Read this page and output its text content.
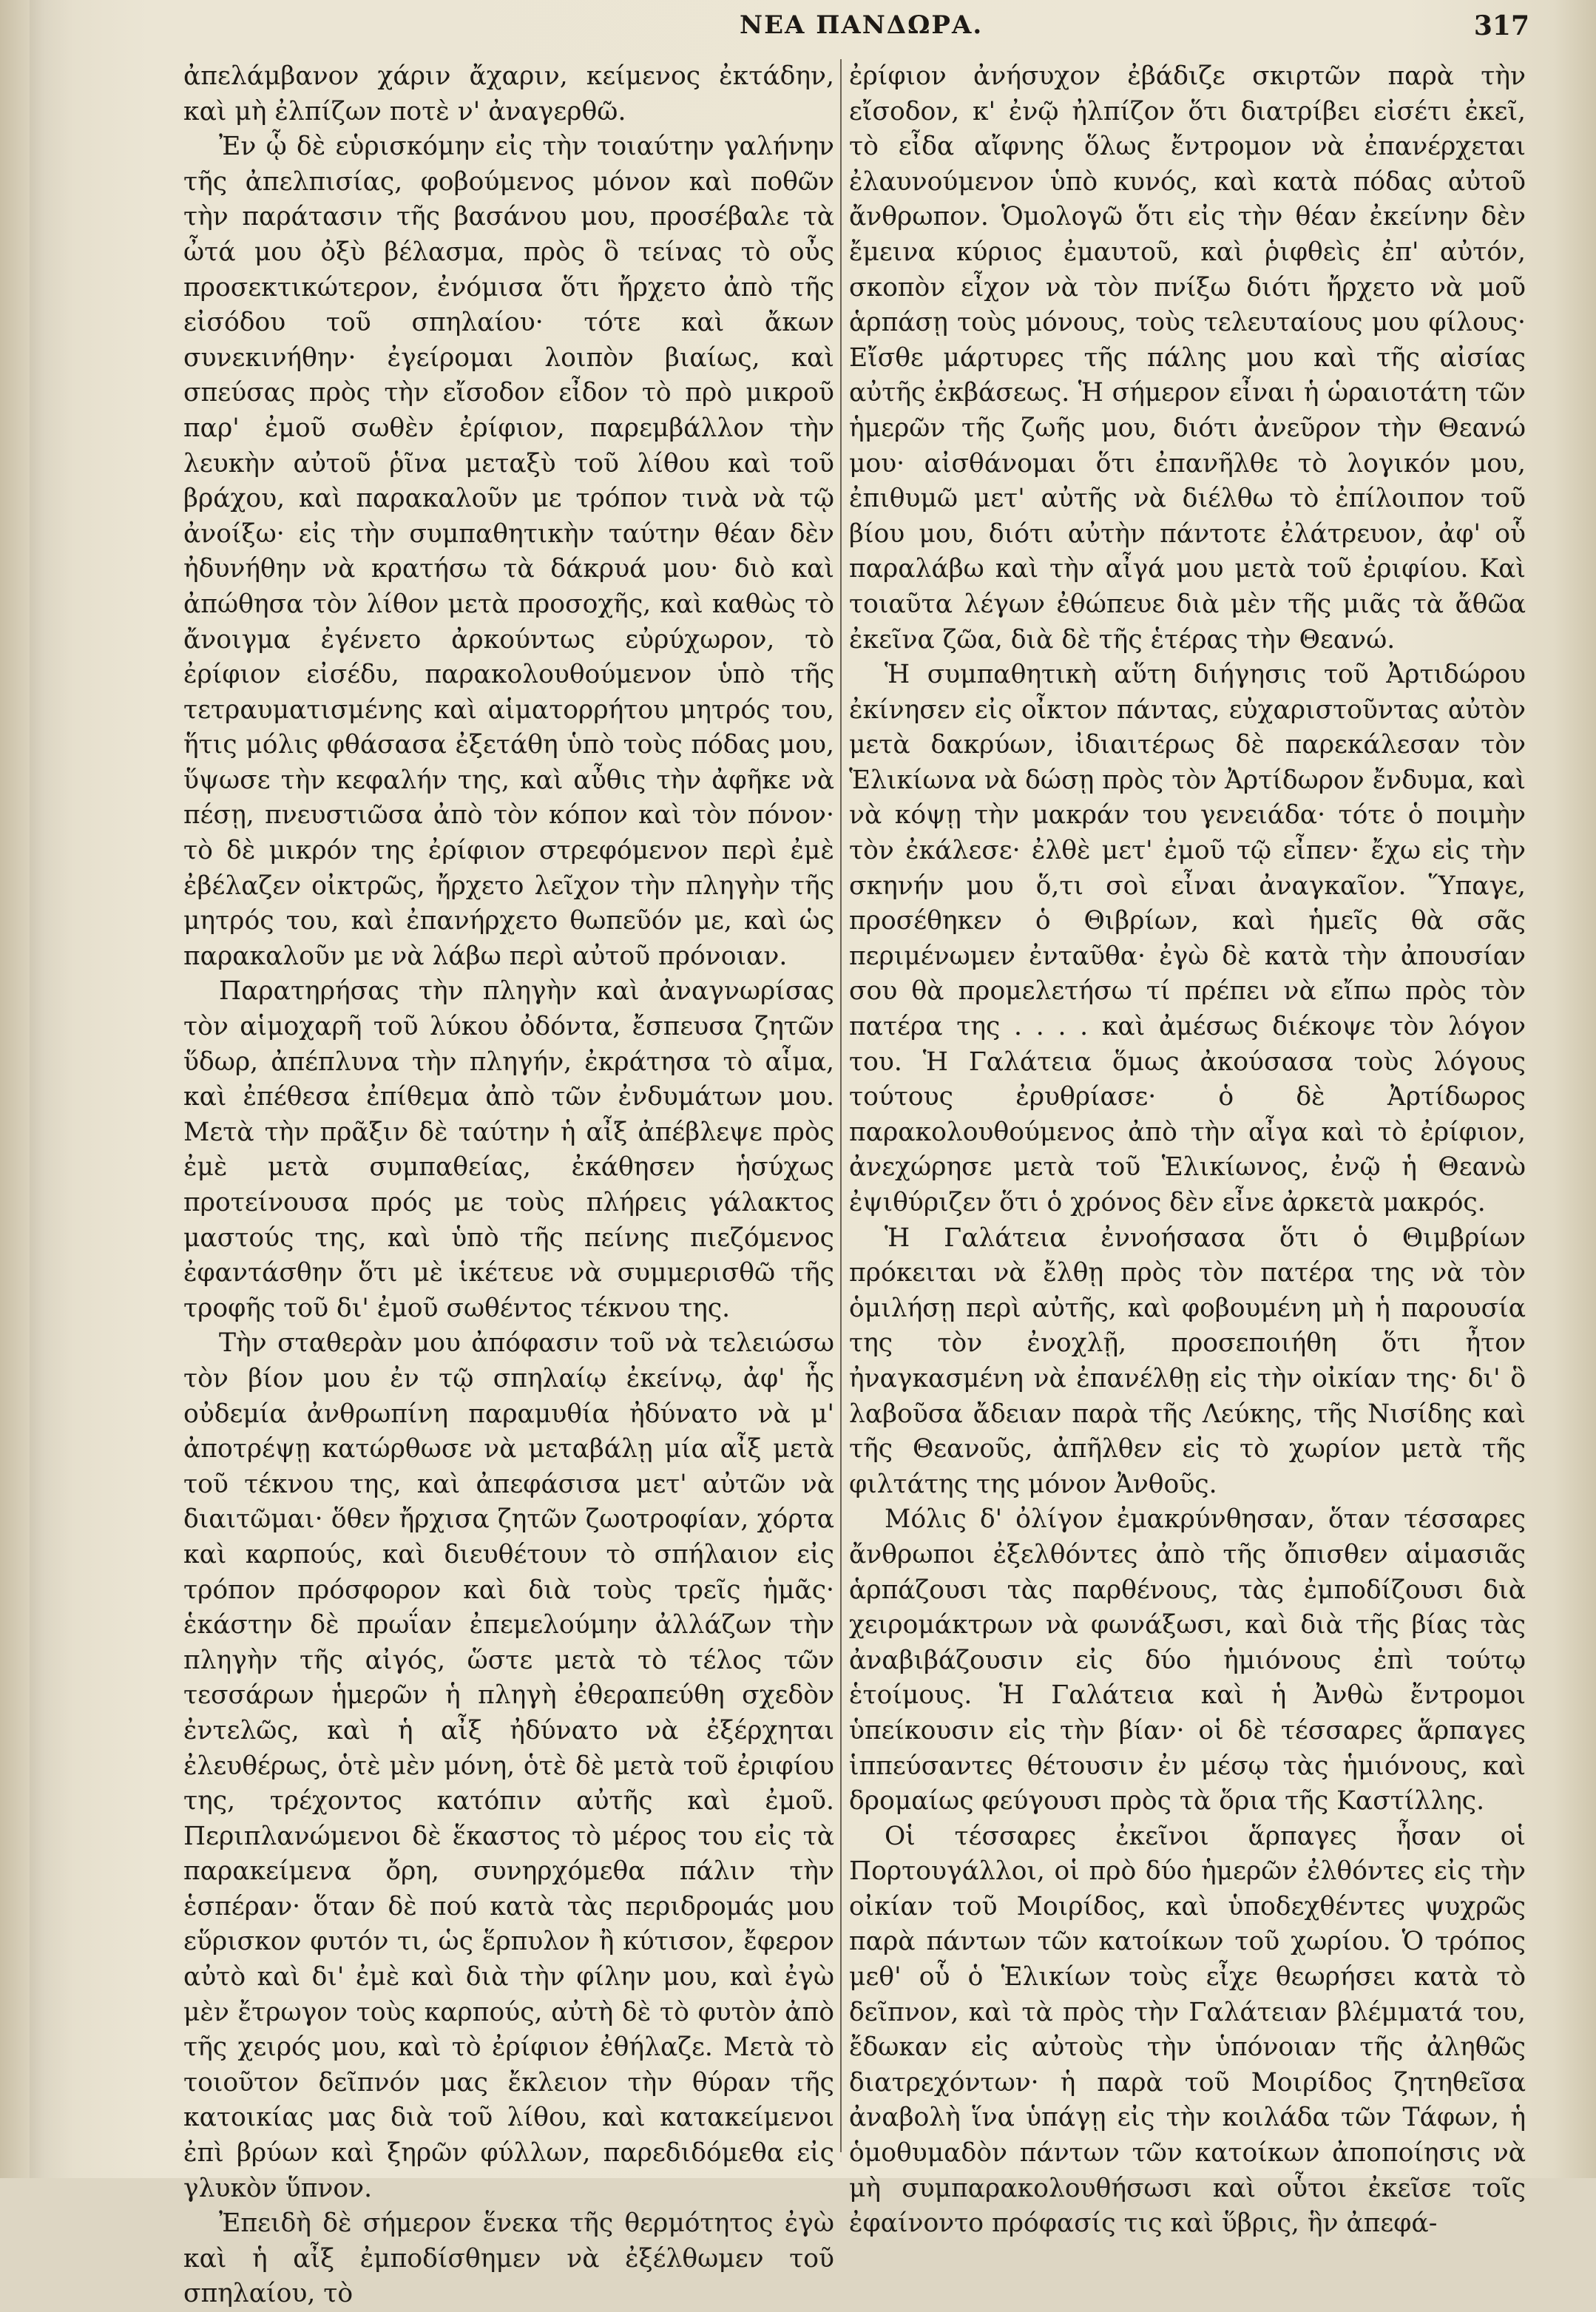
ΝΕΑ ΠΑΝΔΩΡΑ.	317

ἀπελάμβανον χάριν ἄχαριν, κείμενος ἐκτάδην, καὶ μὴ ἐλπίζων ποτὲ ν' ἀναγερθῶ.

Ἐν ᾧ δὲ εὑρισκόμην εἰς τὴν τοιαύτην γαλήνην τῆς ἀπελπισίας, φοβούμενος μόνον καὶ ποθῶν τὴν παράτασιν τῆς βασάνου μου, προσέβαλε τὰ ὦτά μου ὀξὺ βέλασμα, πρὸς ὃ τείνας τὸ οὖς προσεκτικώτερον, ἐνόμισα ὅτι ἤρχετο ἀπὸ τῆς εἰσόδου τοῦ σπηλαίου· τότε καὶ ἄκων συνεκινήθην· ἐγείρομαι λοιπὸν βιαίως, καὶ σπεύσας πρὸς τὴν εἴσοδον εἶδον τὸ πρὸ μικροῦ παρ' ἐμοῦ σωθὲν ἐρίφιον, παρεμβάλλον τὴν λευκὴν αὐτοῦ ῥῖνα μεταξὺ τοῦ λίθου καὶ τοῦ βράχου, καὶ παρακαλοῦν με τρόπον τινὰ νὰ τῷ ἀνοίξω· εἰς τὴν συμπαθητικὴν ταύτην θέαν δὲν ἠδυνήθην νὰ κρατήσω τὰ δάκρυά μου· διὸ καὶ ἀπώθησα τὸν λίθον μετὰ προσοχῆς, καὶ καθὼς τὸ ἄνοιγμα ἐγένετο ἀρκούντως εὐρύχωρον, τὸ ἐρίφιον εἰσέδυ, παρακολουθούμενον ὑπὸ τῆς τετραυματισμένης καὶ αἱματορρήτου μητρός του, ἥτις μόλις φθάσασα ἐξετάθη ὑπὸ τοὺς πόδας μου, ὕψωσε τὴν κεφαλήν της, καὶ αὖθις τὴν ἀφῆκε νὰ πέσῃ, πνευστιῶσα ἀπὸ τὸν κόπον καὶ τὸν πόνον· τὸ δὲ μικρόν της ἐρίφιον στρεφόμενον περὶ ἐμὲ ἐβέλαζεν οἰκτρῶς, ἤρχετο λεῖχον τὴν πληγὴν τῆς μητρός του, καὶ ἐπανήρχετο θωπεῦόν με, καὶ ὡς παρακαλοῦν με νὰ λάβω περὶ αὐτοῦ πρόνοιαν.

Παρατηρήσας τὴν πληγὴν καὶ ἀναγνωρίσας τὸν αἱμοχαρῆ τοῦ λύκου ὀδόντα, ἔσπευσα ζητῶν ὕδωρ, ἀπέπλυνα τὴν πληγήν, ἐκράτησα τὸ αἷμα, καὶ ἐπέθεσα ἐπίθεμα ἀπὸ τῶν ἐνδυμάτων μου. Μετὰ τὴν πρᾶξιν δὲ ταύτην ἡ αἶξ ἀπέβλεψε πρὸς ἐμὲ μετὰ συμπαθείας, ἐκάθησεν ἡσύχως προτείνουσα πρός με τοὺς πλήρεις γάλακτος μαστούς της, καὶ ὑπὸ τῆς πείνης πιεζόμενος ἐφαντάσθην ὅτι μὲ ἱκέτευε νὰ συμμερισθῶ τῆς τροφῆς τοῦ δι' ἐμοῦ σωθέντος τέκνου της.

Τὴν σταθερὰν μου ἀπόφασιν τοῦ νὰ τελειώσω τὸν βίον μου ἐν τῷ σπηλαίῳ ἐκείνῳ, ἀφ' ἧς οὐδεμία ἀνθρωπίνη παραμυθία ἠδύνατο νὰ μ' ἀποτρέψῃ κατώρθωσε νὰ μεταβάλῃ μία αἶξ μετὰ τοῦ τέκνου της, καὶ ἀπεφάσισα μετ' αὐτῶν νὰ διαιτῶμαι· ὅθεν ἤρχισα ζητῶν ζωοτροφίαν, χόρτα καὶ καρπούς, καὶ διευθέτουν τὸ σπήλαιον εἰς τρόπον πρόσφορον καὶ διὰ τοὺς τρεῖς ἡμᾶς· ἑκάστην δὲ πρωΐαν ἐπεμελούμην ἀλλάζων τὴν πληγὴν τῆς αἰγός, ὥστε μετὰ τὸ τέλος τῶν τεσσάρων ἡμερῶν ἡ πληγὴ ἐθεραπεύθη σχεδὸν ἐντελῶς, καὶ ἡ αἶξ ἠδύνατο νὰ ἐξέρχηται ἐλευθέρως, ὁτὲ μὲν μόνη, ὁτὲ δὲ μετὰ τοῦ ἐριφίου της, τρέχοντος κατόπιν αὐτῆς καὶ ἐμοῦ. Περιπλανώμενοι δὲ ἕκαστος τὸ μέρος του εἰς τὰ παρακείμενα ὄρη, συνηρχόμεθα πάλιν τὴν ἑσπέραν· ὅταν δὲ πού κατὰ τὰς περιδρομάς μου εὕρισκον φυτόν τι, ὡς ἕρπυλον ἢ κύτισον, ἔφερον αὐτὸ καὶ δι' ἐμὲ καὶ διὰ τὴν φίλην μου, καὶ ἐγὼ μὲν ἔτρωγον τοὺς καρπούς, αὐτὴ δὲ τὸ φυτὸν ἀπὸ τῆς χειρός μου, καὶ τὸ ἐρίφιον ἐθήλαζε. Μετὰ τὸ τοιοῦτον δεῖπνόν μας ἔκλειον τὴν θύραν τῆς κατοικίας μας διὰ τοῦ λίθου, καὶ κατακείμενοι ἐπὶ βρύων καὶ ξηρῶν φύλλων, παρεδιδόμεθα εἰς γλυκὸν ὕπνον.

Ἐπειδὴ δὲ σήμερον ἕνεκα τῆς θερμότητος ἐγὼ καὶ ἡ αἶξ ἐμποδίσθημεν νὰ ἐξέλθωμεν τοῦ σπηλαίου, τὸ

ἐρίφιον ἀνήσυχον ἐβάδιζε σκιρτῶν παρὰ τὴν εἴσοδον, κ' ἐνῷ ἠλπίζον ὅτι διατρίβει εἰσέτι ἐκεῖ, τὸ εἶδα αἴφνης ὅλως ἔντρομον νὰ ἐπανέρχεται ἐλαυνούμενον ὑπὸ κυνός, καὶ κατὰ πόδας αὐτοῦ ἄνθρωπον. Ὁμολογῶ ὅτι εἰς τὴν θέαν ἐκείνην δὲν ἔμεινα κύριος ἐμαυτοῦ, καὶ ῥιφθεὶς ἐπ' αὐτόν, σκοπὸν εἶχον νὰ τὸν πνίξω διότι ἤρχετο νὰ μοῦ ἁρπάσῃ τοὺς μόνους, τοὺς τελευταίους μου φίλους· Εἴσθε μάρτυρες τῆς πάλης μου καὶ τῆς αἰσίας αὐτῆς ἐκβάσεως. Ἡ σήμερον εἶναι ἡ ὡραιοτάτη τῶν ἡμερῶν τῆς ζωῆς μου, διότι ἀνεῦρον τὴν Θεανώ μου· αἰσθάνομαι ὅτι ἐπανῆλθε τὸ λογικόν μου, ἐπιθυμῶ μετ' αὐτῆς νὰ διέλθω τὸ ἐπίλοιπον τοῦ βίου μου, διότι αὐτὴν πάντοτε ἐλάτρευον, ἀφ' οὗ παραλάβω καὶ τὴν αἶγά μου μετὰ τοῦ ἐριφίου. Καὶ τοιαῦτα λέγων ἐθώπευε διὰ μὲν τῆς μιᾶς τὰ ἄθῶα ἐκεῖνα ζῶα, διὰ δὲ τῆς ἑτέρας τὴν Θεανώ.

Ἡ συμπαθητικὴ αὕτη διήγησις τοῦ Ἀρτιδώρου ἐκίνησεν εἰς οἶκτον πάντας, εὐχαριστοῦντας αὐτὸν μετὰ δακρύων, ἰδιαιτέρως δὲ παρεκάλεσαν τὸν Ἑλικίωνα νὰ δώσῃ πρὸς τὸν Ἀρτίδωρον ἔνδυμα, καὶ νὰ κόψῃ τὴν μακράν του γενειάδα· τότε ὁ ποιμὴν τὸν ἐκάλεσε· ἐλθὲ μετ' ἐμοῦ τῷ εἶπεν· ἔχω εἰς τὴν σκηνήν μου ὅ,τι σοὶ εἶναι ἀναγκαῖον. Ὕπαγε, προσέθηκεν ὁ Θιβρίων, καὶ ἡμεῖς θὰ σᾶς περιμένωμεν ἐνταῦθα· ἐγὼ δὲ κατὰ τὴν ἀπουσίαν σου θὰ προμελετήσω τί πρέπει νὰ εἴπω πρὸς τὸν πατέρα της . . . . καὶ ἀμέσως διέκοψε τὸν λόγον του. Ἡ Γαλάτεια ὅμως ἀκούσασα τοὺς λόγους τούτους ἐρυθρίασε· ὁ δὲ Ἀρτίδωρος παρακολουθούμενος ἀπὸ τὴν αἶγα καὶ τὸ ἐρίφιον, ἀνεχώρησε μετὰ τοῦ Ἑλικίωνος, ἐνῷ ἡ Θεανὼ ἐψιθύριζεν ὅτι ὁ χρόνος δὲν εἶνε ἀρκετὰ μακρός.

Ἡ Γαλάτεια ἐννοήσασα ὅτι ὁ Θιμβρίων πρόκειται νὰ ἔλθῃ πρὸς τὸν πατέρα της νὰ τὸν ὁμιλήσῃ περὶ αὐτῆς, καὶ φοβουμένη μὴ ἡ παρουσία της τὸν ἐνοχλῇ, προσεποιήθη ὅτι ἦτον ἠναγκασμένη νὰ ἐπανέλθῃ εἰς τὴν οἰκίαν της· δι' ὃ λαβοῦσα ἄδειαν παρὰ τῆς Λεύκης, τῆς Νισίδης καὶ τῆς Θεανοῦς, ἀπῆλθεν εἰς τὸ χωρίον μετὰ τῆς φιλτάτης της μόνον Ἀνθοῦς.

Μόλις δ' ὀλίγον ἐμακρύνθησαν, ὅταν τέσσαρες ἄνθρωποι ἐξελθόντες ἀπὸ τῆς ὄπισθεν αἱμασιᾶς ἁρπάζουσι τὰς παρθένους, τὰς ἐμποδίζουσι διὰ χειρομάκτρων νὰ φωνάξωσι, καὶ διὰ τῆς βίας τὰς ἀναβιβάζουσιν εἰς δύο ἡμιόνους ἐπὶ τούτῳ ἑτοίμους. Ἡ Γαλάτεια καὶ ἡ Ἀνθὼ ἔντρομοι ὑπείκουσιν εἰς τὴν βίαν· οἱ δὲ τέσσαρες ἅρπαγες ἱππεύσαντες θέτουσιν ἐν μέσῳ τὰς ἡμιόνους, καὶ δρομαίως φεύγουσι πρὸς τὰ ὅρια τῆς Καστίλλης.

Οἱ τέσσαρες ἐκεῖνοι ἅρπαγες ἦσαν οἱ Πορτουγάλλοι, οἱ πρὸ δύο ἡμερῶν ἐλθόντες εἰς τὴν οἰκίαν τοῦ Μοιρίδος, καὶ ὑποδεχθέντες ψυχρῶς παρὰ πάντων τῶν κατοίκων τοῦ χωρίου. Ὁ τρόπος μεθ' οὗ ὁ Ἑλικίων τοὺς εἶχε θεωρήσει κατὰ τὸ δεῖπνον, καὶ τὰ πρὸς τὴν Γαλάτειαν βλέμματά του, ἔδωκαν εἰς αὐτοὺς τὴν ὑπόνοιαν τῆς ἀληθῶς διατρεχόντων· ἡ παρὰ τοῦ Μοιρίδος ζητηθεῖσα ἀναβολὴ ἵνα ὑπάγῃ εἰς τὴν κοιλάδα τῶν Τάφων, ἡ ὁμοθυμαδὸν πάντων τῶν κατοίκων ἀποποίησις νὰ μὴ συμπαρακολουθήσωσι καὶ οὗτοι ἐκεῖσε τοῖς ἐφαίνοντο πρόφασίς τις καὶ ὕβρις, ἣν ἀπεφά-
